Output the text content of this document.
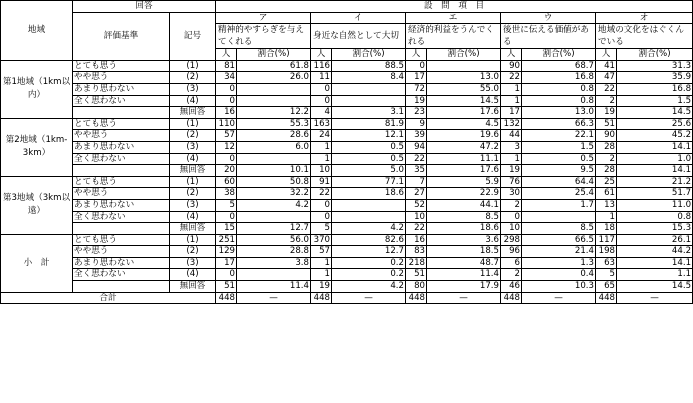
地域	回答		設　問　項　目									
	評価基準	記号	ア		イ		エ		ウ		オ	
			精神的やすらぎを与えてくれる		身近な自然として大切		経済的利益をうんでくれる		後世に伝える価値がある		地域の文化をはぐくんでいる	
			人	割合(%)	人	割合(%)	人	割合(%)	人	割合(%)	人	割合(%)
第1地域（1km以内）	とても思う	(1)	81	61.8	116	88.5	0		90	68.7	41	31.3
	やや思う	(2)	34	26.0	11	8.4	17	13.0	22	16.8	47	35.9
	あまり思わない	(3)	0		0		72	55.0	1	0.8	22	16.8
	全く思わない	(4)	0		0		19	14.5	1	0.8	2	1.5
		無回答	16	12.2	4	3.1	23	17.6	17	13.0	19	14.5
第2地域（1km-3km）	とても思う	(1)	110	55.3	163	81.9	9	4.5	132	66.3	51	25.6
	やや思う	(2)	57	28.6	24	12.1	39	19.6	44	22.1	90	45.2
	あまり思わない	(3)	12	6.0	1	0.5	94	47.2	3	1.5	28	14.1
	全く思わない	(4)	0		1	0.5	22	11.1	1	0.5	2	1.0
		無回答	20	10.1	10	5.0	35	17.6	19	9.5	28	14.1
第3地域（3km以遠）	とても思う	(1)	60	50.8	91	77.1	7	5.9	76	64.4	25	21.2
	やや思う	(2)	38	32.2	22	18.6	27	22.9	30	25.4	61	51.7
	あまり思わない	(3)	5	4.2	0		52	44.1	2	1.7	13	11.0
	全く思わない	(4)	0		0		10	8.5	0		1	0.8
		無回答	15	12.7	5	4.2	22	18.6	10	8.5	18	15.3
小　計	とても思う	(1)	251	56.0	370	82.6	16	3.6	298	66.5	117	26.1
	やや思う	(2)	129	28.8	57	12.7	83	18.5	96	21.4	198	44.2
	あまり思わない	(3)	17	3.8	1	0.2	218	48.7	6	1.3	63	14.1
	全く思わない	(4)	0		1	0.2	51	11.4	2	0.4	5	1.1
		無回答	51	11.4	19	4.2	80	17.9	46	10.3	65	14.5
合計			448	—	448	—	448	—	448	—	448	—
